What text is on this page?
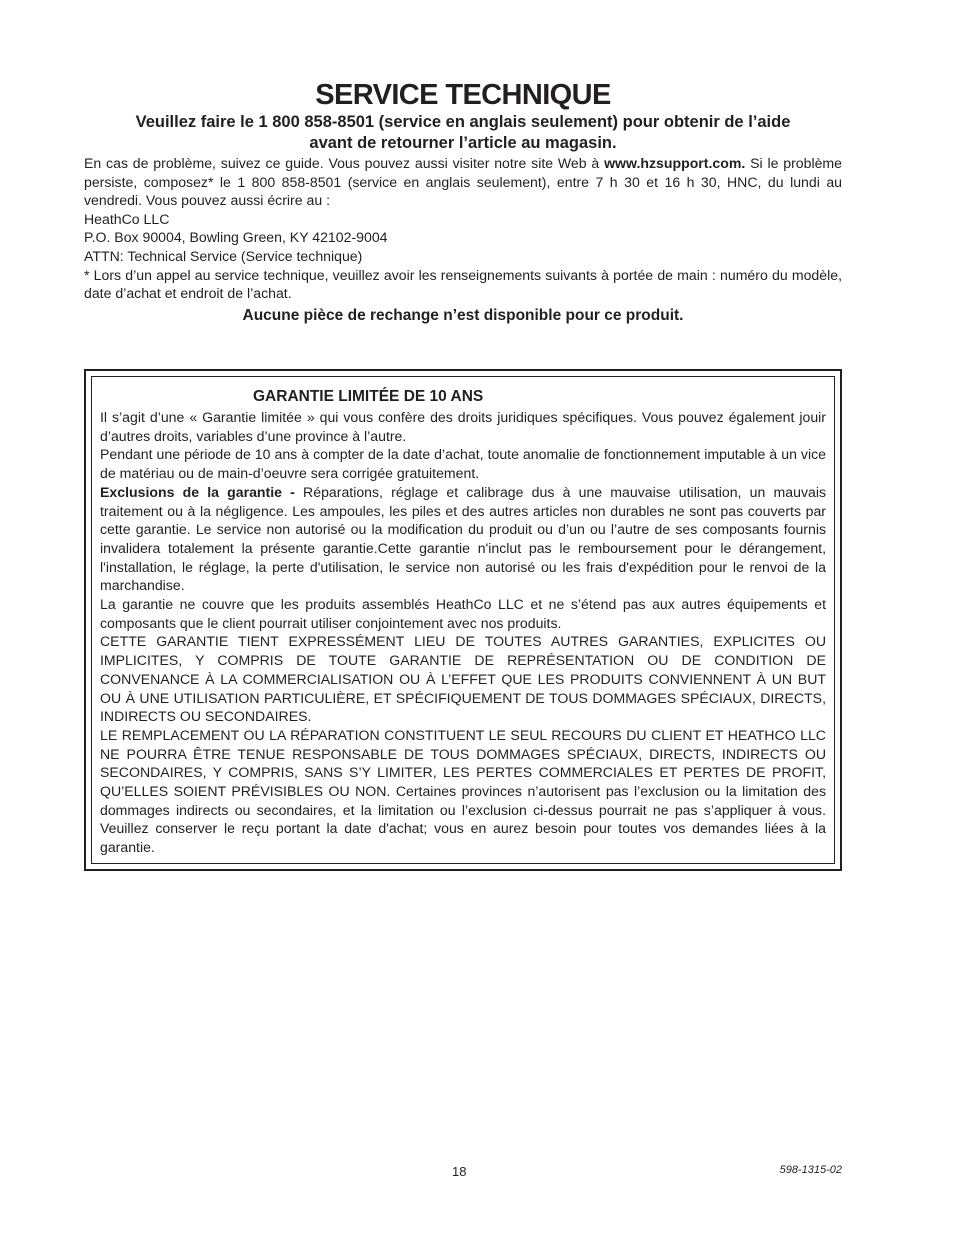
SERVICE TECHNIQUE
Veuillez faire le 1 800 858-8501 (service en anglais seulement) pour obtenir de l’aide
avant de retourner l’article au magasin.

En cas de problème, suivez ce guide. Vous pouvez aussi visiter notre site Web à www.hzsupport.com. Si le problème persiste, composez* le 1 800 858-8501 (service en anglais seulement), entre 7 h 30 et 16 h 30, HNC, du lundi au vendredi. Vous pouvez aussi écrire au :

HeathCo LLC

P.O. Box 90004, Bowling Green, KY 42102-9004

ATTN: Technical Service (Service technique)

* Lors d’un appel au service technique, veuillez avoir les renseignements suivants à portée de main : numéro du modèle, date d’achat et endroit de l’achat.

Aucune pièce de rechange n’est disponible pour ce produit.

GARANTIE LIMITÉE DE 10 ANS

Il s’agit d’une « Garantie limitée » qui vous confère des droits juridiques spécifiques. Vous pouvez également jouir d’autres droits, variables d’une province à l’autre.

Pendant une période de 10 ans à compter de la date d’achat, toute anomalie de fonctionnement imputable à un vice de matériau ou de main-d’oeuvre sera corrigée gratuitement.

Exclusions de la garantie - Réparations, réglage et calibrage dus à une mauvaise utilisation, un mauvais traitement ou à la négligence. Les ampoules, les piles et des autres articles non durables ne sont pas couverts par cette garantie. Le service non autorisé ou la modification du produit ou d’un ou l’autre de ses composants fournis invalidera totalement la présente garantie.Cette garantie n'inclut pas le remboursement pour le dérangement, l'installation, le réglage, la perte d'utilisation, le service non autorisé ou les frais d'expédition pour le renvoi de la marchandise.

La garantie ne couvre que les produits assemblés HeathCo LLC et ne s’étend pas aux autres équipements et composants que le client pourrait utiliser conjointement avec nos produits.

CETTE GARANTIE TIENT EXPRESSÉMENT LIEU DE TOUTES AUTRES GARANTIES, EXPLICITES OU IMPLICITES, Y COMPRIS DE TOUTE GARANTIE DE REPRÉSENTATION OU DE CONDITION DE CONVENANCE À LA COMMERCIALISATION OU À L’EFFET QUE LES PRODUITS CONVIENNENT À UN BUT OU À UNE UTILISATION PARTICULIÈRE, ET SPÉCIFIQUEMENT DE TOUS DOMMAGES SPÉCIAUX, DIRECTS, INDIRECTS OU SECONDAIRES.

LE REMPLACEMENT OU LA RÉPARATION CONSTITUENT LE SEUL RECOURS DU CLIENT ET HEATHCO LLC NE POURRA ÊTRE TENUE RESPONSABLE DE TOUS DOMMAGES SPÉCIAUX, DIRECTS, INDIRECTS OU SECONDAIRES, Y COMPRIS, SANS S’Y LIMITER, LES PERTES COMMERCIALES ET PERTES DE PROFIT, QU’ELLES SOIENT PRÉVISIBLES OU NON. Certaines provinces n’autorisent pas l’exclusion ou la limitation des dommages indirects ou secondaires, et la limitation ou l’exclusion ci-dessus pourrait ne pas s’appliquer à vous. Veuillez conserver le reçu portant la date d'achat; vous en aurez besoin pour toutes vos demandes liées à la garantie.

18	598-1315-02
